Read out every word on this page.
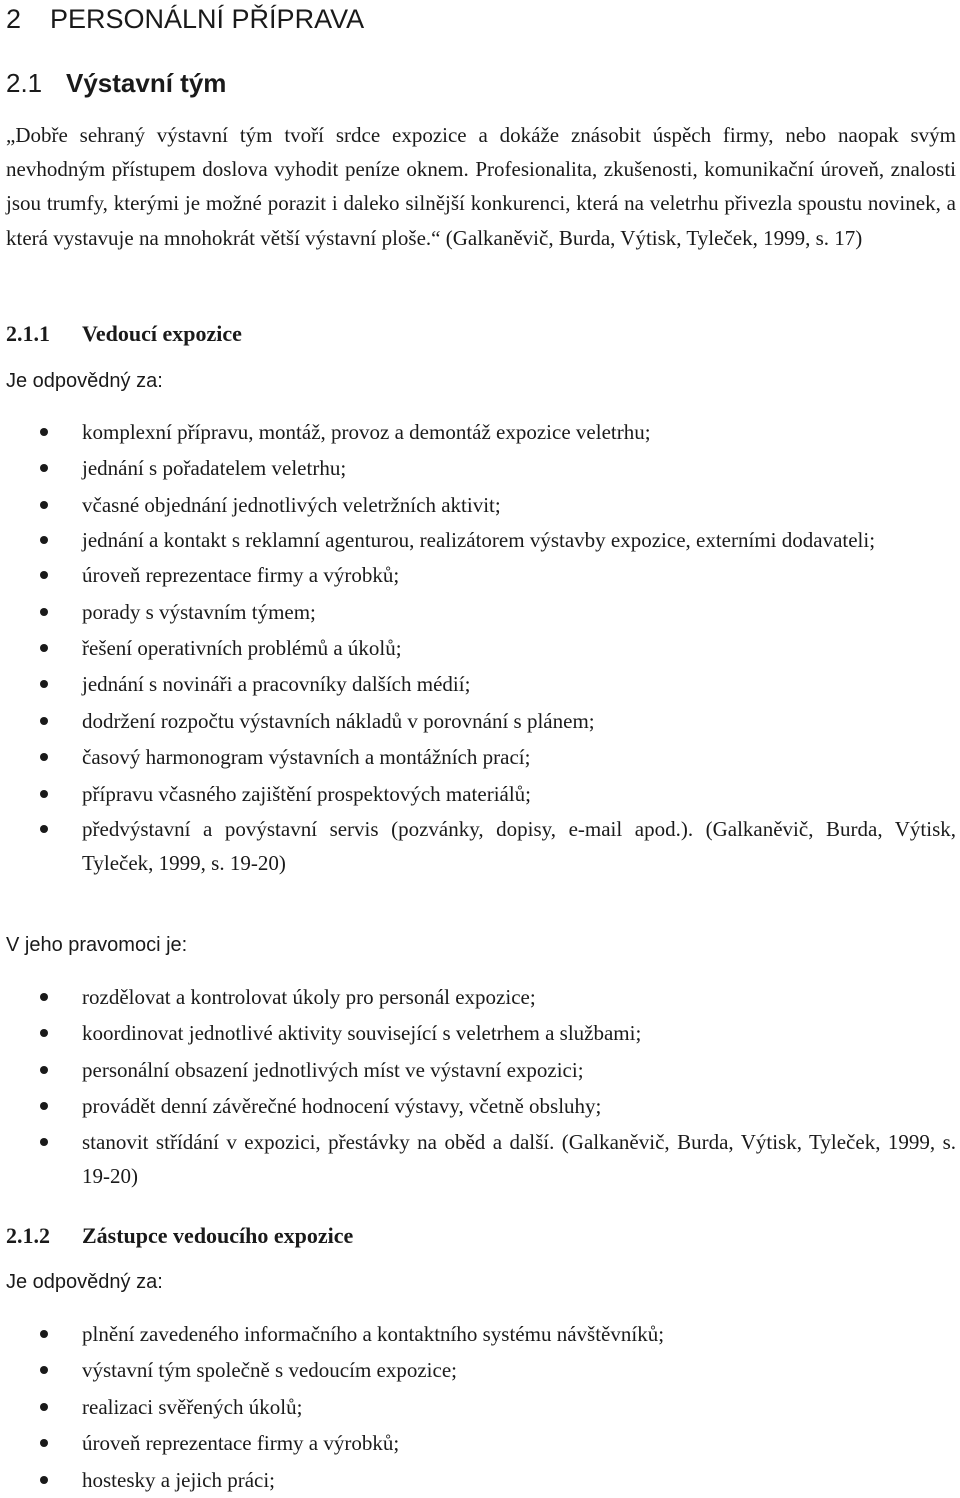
2 PERSONÁLNÍ PŘÍPRAVA
2.1 Výstavní tým
„Dobře sehraný výstavní tým tvoří srdce expozice a dokáže znásobit úspěch firmy, nebo naopak svým nevhodným přístupem doslova vyhodit peníze oknem. Profesionalita, zkušenosti, komunikační úroveň, znalosti jsou trumfy, kterými je možné porazit i daleko silnější konkurenci, která na veletrhu přivezla spoustu novinek, a která vystavuje na mnohokrát větší výstavní ploše.“ (Galkaněvič, Burda, Výtisk, Tyleček, 1999, s. 17)
2.1.1 Vedoucí expozice
Je odpovědný za:
komplexní přípravu, montáž, provoz a demontáž expozice veletrhu;
jednání s pořadatelem veletrhu;
včasné objednání jednotlivých veletržních aktivit;
jednání a kontakt s reklamní agenturou, realizátorem výstavby expozice, externími dodavateli;
úroveň reprezentace firmy a výrobků;
porady s výstavním týmem;
řešení operativních problémů a úkolů;
jednání s novináři a pracovníky dalších médií;
dodržení rozpočtu výstavních nákladů v porovnání s plánem;
časový harmonogram výstavních a montážních prací;
přípravu včasného zajištění prospektových materiálů;
předvýstavní a povýstavní servis (pozvánky, dopisy, e-mail apod.). (Galkaněvič, Burda, Výtisk, Tyleček, 1999, s. 19-20)
V jeho pravomoci je:
rozdělovat a kontrolovat úkoly pro personál expozice;
koordinovat jednotlivé aktivity související s veletrhem a službami;
personální obsazení jednotlivých míst ve výstavní expozici;
provádět denní závěrečné hodnocení výstavy, včetně obsluhy;
stanovit střídání v expozici, přestávky na oběd a další. (Galkaněvič, Burda, Výtisk, Tyleček, 1999, s. 19-20)
2.1.2 Zástupce vedoucího expozice
Je odpovědný za:
plnění zavedeného informačního a kontaktního systému návštěvníků;
výstavní tým společně s vedoucím expozice;
realizaci svěřených úkolů;
úroveň reprezentace firmy a výrobků;
hostesky a jejich práci;
